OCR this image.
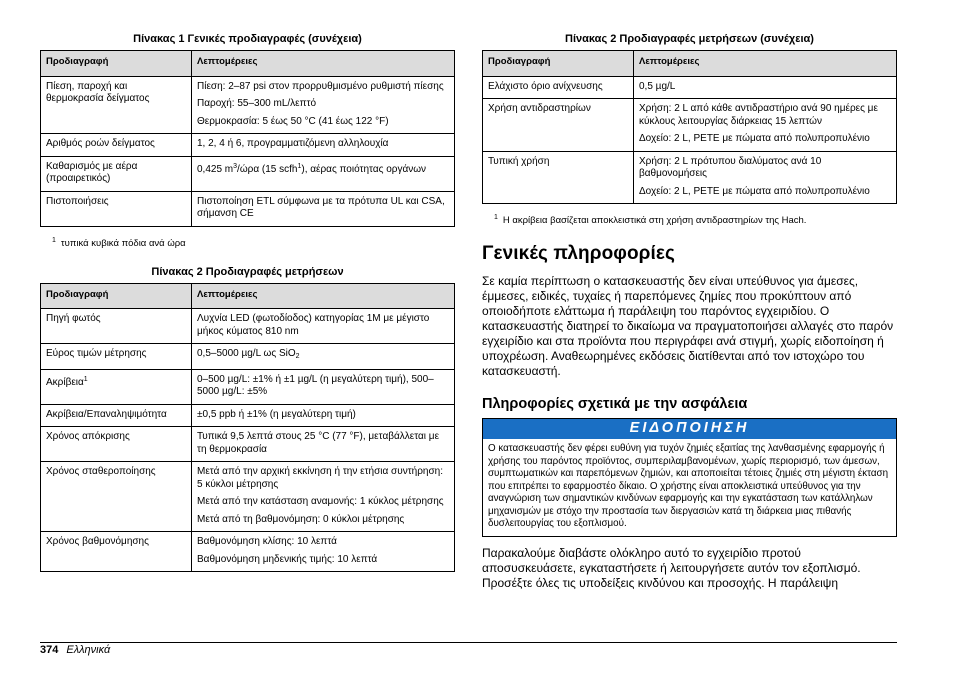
Πίνακας 1 Γενικές προδιαγραφές (συνέχεια)

Προδιαγραφή	Λεπτομέρειες
Πίεση, παροχή και θερμοκρασία δείγματος	Πίεση: 2–87 psi στον προρρυθμισμένο ρυθμιστή πίεσης

Παροχή: 55–300 mL/λεπτό

Θερμοκρασία: 5 έως 50 °C (41 έως 122 °F)

Αριθμός ροών δείγματος	1, 2, 4 ή 6, προγραμματιζόμενη αλληλουχία

Καθαρισμός με αέρα (προαιρετικός)	0,425 $m^3$/ώρα (15 scfh$^1$), αέρας ποιότητας οργάνων

Πιστοποιήσεις	Πιστοποίηση ETL σύμφωνα με τα πρότυπα UL και CSA, σήμανση CE

$^1$ τυπικά κυβικά πόδια ανά ώρα

Πίνακας 2 Προδιαγραφές μετρήσεων

Προδιαγραφή	Λεπτομέρειες
Πηγή φωτός	Λυχνία LED (φωτοδίοδος) κατηγορίας 1M με μέγιστο μήκος κύματος 810 nm

Εύρος τιμών μέτρησης	0,5–5000 µg/L ως SiO$_2$

Ακρίβεια$^1$	0–500 µg/L: ±1% ή ±1 µg/L (η μεγαλύτερη τιμή), 500–5000 µg/L: ±5%

Ακρίβεια/Επαναληψιμότητα	±0,5 ppb ή ±1% (η μεγαλύτερη τιμή)

Χρόνος απόκρισης	Τυπικά 9,5 λεπτά στους 25 °C (77 °F), μεταβάλλεται με τη θερμοκρασία

Χρόνος σταθεροποίησης	Μετά από την αρχική εκκίνηση ή την ετήσια συντήρηση: 5 κύκλοι μέτρησης

Μετά από την κατάσταση αναμονής: 1 κύκλος μέτρησης

Μετά από τη βαθμονόμηση: 0 κύκλοι μέτρησης

Χρόνος βαθμονόμησης	Βαθμονόμηση κλίσης: 10 λεπτά

Βαθμονόμηση μηδενικής τιμής: 10 λεπτά

Πίνακας 2 Προδιαγραφές μετρήσεων (συνέχεια)

Προδιαγραφή	Λεπτομέρειες
Ελάχιστο όριο ανίχνευσης	0,5 µg/L

Χρήση αντιδραστηρίων	Χρήση: 2 L από κάθε αντιδραστήριο ανά 90 ημέρες με κύκλους λειτουργίας διάρκειας 15 λεπτών

Δοχείο: 2 L, PETE με πώματα από πολυπροπυλένιο

Τυπική χρήση	Χρήση: 2 L πρότυπου διαλύματος ανά 10 βαθμονομήσεις

Δοχείο: 2 L, PETE με πώματα από πολυπροπυλένιο

$^1$ Η ακρίβεια βασίζεται αποκλειστικά στη χρήση αντιδραστηρίων της Hach.
Γενικές πληροφορίες

Σε καμία περίπτωση ο κατασκευαστής δεν είναι υπεύθυνος για άμεσες, έμμεσες, ειδικές, τυχαίες ή παρεπόμενες ζημίες που προκύπτουν από οποιοδήποτε ελάττωμα ή παράλειψη του παρόντος εγχειριδίου. Ο κατασκευαστής διατηρεί το δικαίωμα να πραγματοποιήσει αλλαγές στο παρόν εγχειρίδιο και στα προϊόντα που περιγράφει ανά στιγμή, χωρίς ειδοποίηση ή υποχρέωση. Αναθεωρημένες εκδόσεις διατίθενται από τον ιστοχώρο του κατασκευαστή.

Πληροφορίες σχετικά με την ασφάλεια
ΕΙΔΟΠΟΙΗΣΗ
Ο κατασκευαστής δεν φέρει ευθύνη για τυχόν ζημιές εξαιτίας της λανθασμένης εφαρμογής ή χρήσης του παρόντος προϊόντος, συμπεριλαμβανομένων, χωρίς περιορισμό, των άμεσων, συμπτωματικών και παρεπόμενων ζημιών, και αποποιείται τέτοιες ζημιές στη μέγιστη έκταση που επιτρέπει το εφαρμοστέο δίκαιο. Ο χρήστης είναι αποκλειστικά υπεύθυνος για την αναγνώριση των σημαντικών κινδύνων εφαρμογής και την εγκατάσταση των κατάλληλων μηχανισμών με στόχο την προστασία των διεργασιών κατά τη διάρκεια μιας πιθανής δυσλειτουργίας του εξοπλισμού.

Παρακαλούμε διαβάστε ολόκληρο αυτό το εγχειρίδιο προτού αποσυσκευάσετε, εγκαταστήσετε ή λειτουργήσετε αυτόν τον εξοπλισμό. Προσέξτε όλες τις υποδείξεις κινδύνου και προσοχής. Η παράλειψη

374 Ελληνικά
